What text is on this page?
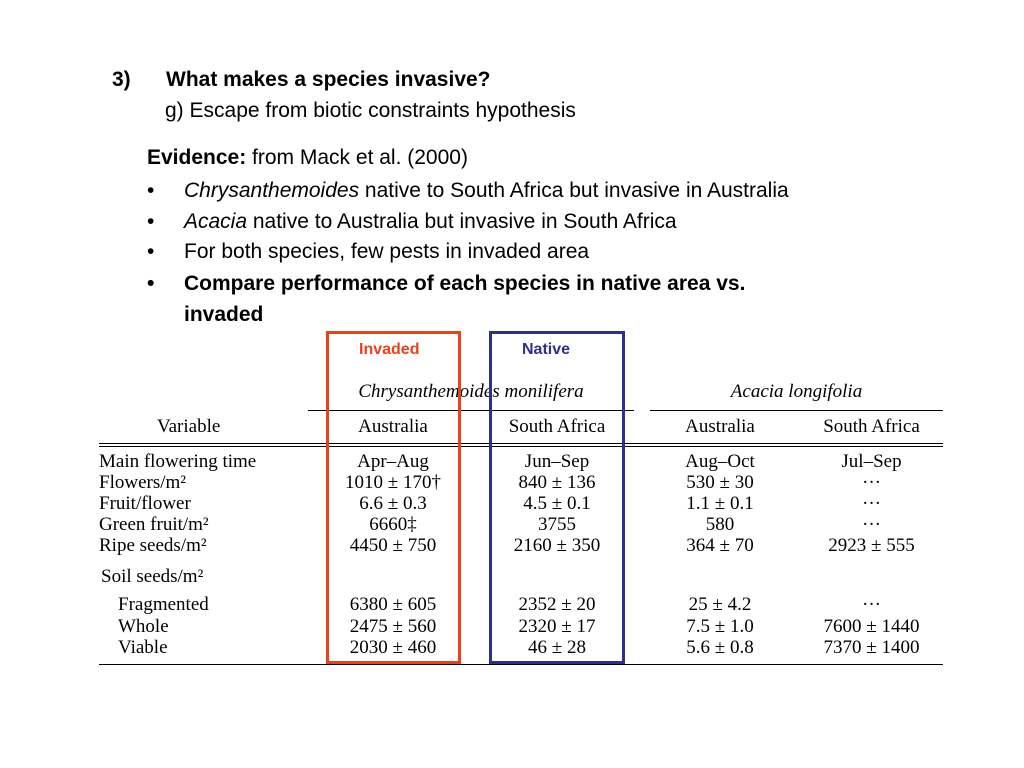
3) What makes a species invasive?
g) Escape from biotic constraints hypothesis
Evidence: from Mack et al. (2000)
• Chrysanthemoides native to South Africa but invasive in Australia
• Acacia native to Australia but invasive in South Africa
• For both species, few pests in invaded area
• Compare performance of each species in native area vs.
invaded
Invaded	Native
Chrysanthemoides monilifera	Acacia longifolia
Variable	Australia	South Africa	Australia	South Africa
Main flowering time	Apr–Aug	Jun–Sep	Aug–Oct	Jul–Sep
Flowers/m²	1010 ± 170†	840 ± 136	530 ± 30	···
Fruit/flower	6.6 ± 0.3	4.5 ± 0.1	1.1 ± 0.1	···
Green fruit/m²	6660‡	3755	580	···
Ripe seeds/m²	4450 ± 750	2160 ± 350	364 ± 70	2923 ± 555
Soil seeds/m²
Fragmented	6380 ± 605	2352 ± 20	25 ± 4.2	···
Whole	2475 ± 560	2320 ± 17	7.5 ± 1.0	7600 ± 1440
Viable	2030 ± 460	46 ± 28	5.6 ± 0.8	7370 ± 1400
